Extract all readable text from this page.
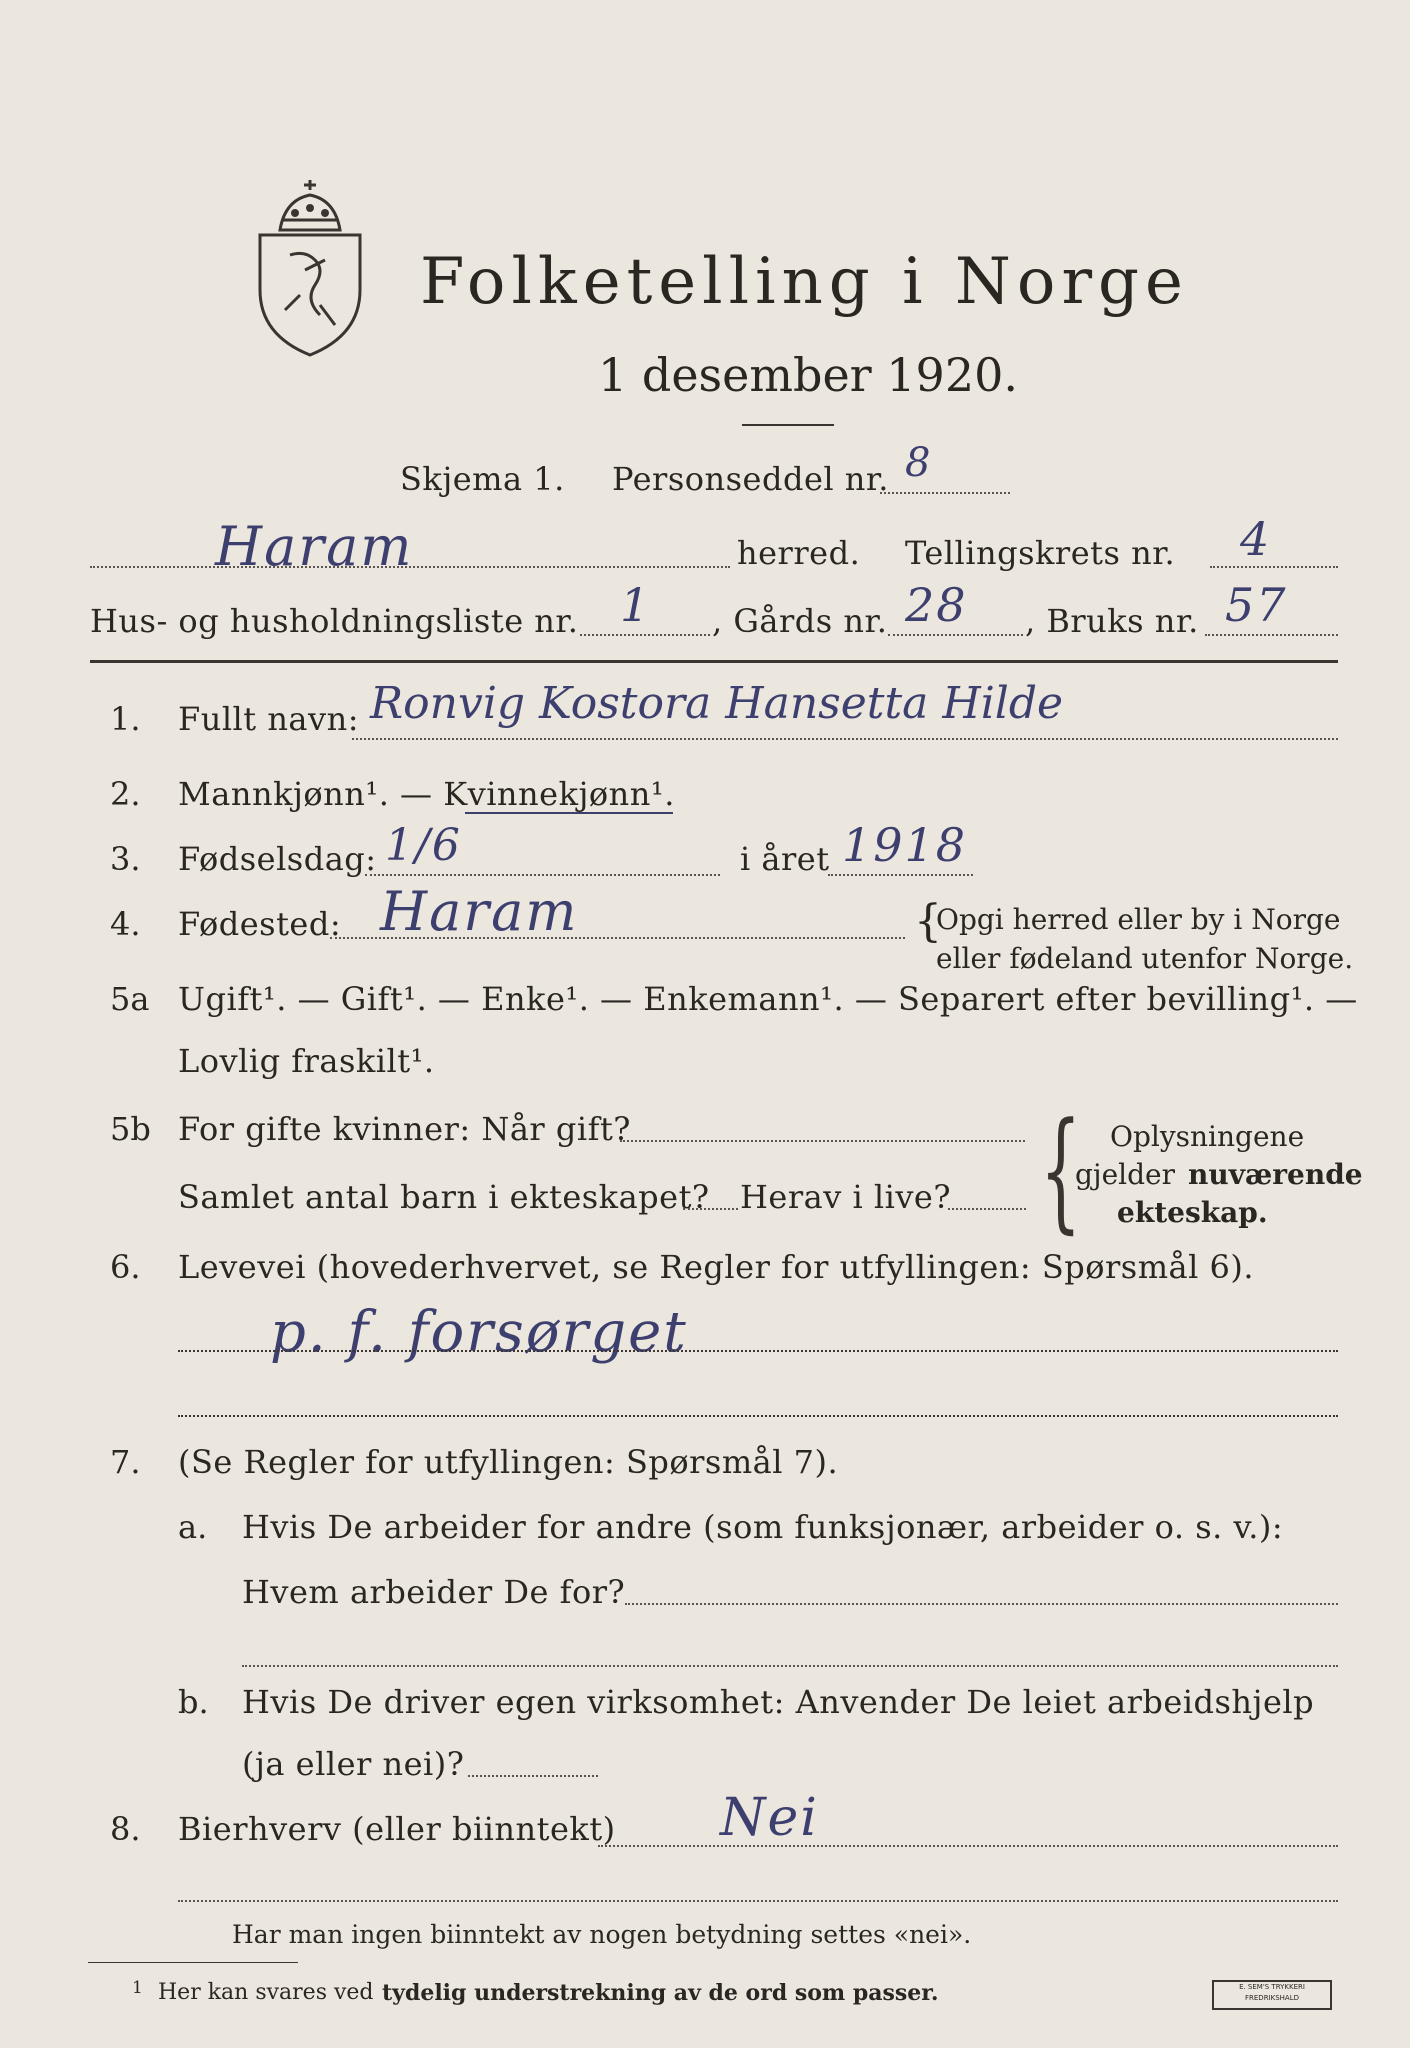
Folketelling i Norge
1 desember 1920.
Skjema 1. Personseddel nr. 8
Haram	herred. Tellingskrets nr. 4
Hus- og husholdningsliste nr. 1 , Gårds nr. 28 , Bruks nr. 57
1. Fullt navn: Ronvig Kostora Hansetta Hilde
2. Mannkjønn¹. — Kvinnekjønn¹.
3. Fødselsdag: 1/6	i året 1918
4. Fødested: Haram	{
Opgi herred eller by i Norge
eller fødeland utenfor Norge.
5a Ugift¹. — Gift¹. — Enke¹. — Enkemann¹. — Separert efter bevilling¹. —
Lovlig fraskilt¹.
5b For gifte kvinner: Når gift?
Samlet antal barn i ekteskapet? Herav i live? { Oplysningene
gjelder nuværende
ekteskap.
6. Levevei (hovederhvervet, se Regler for utfyllingen: Spørsmål 6).
p. f. forsørget
7. (Se Regler for utfyllingen: Spørsmål 7).
a. Hvis De arbeider for andre (som funksjonær, arbeider o. s. v.):
Hvem arbeider De for?
b. Hvis De driver egen virksomhet: Anvender De leiet arbeidshjelp
(ja eller nei)?
8. Bierhverv (eller biinntekt) Nei
Har man ingen biinntekt av nogen betydning settes «nei».
1 Her kan svares ved tydelig understrekning av de ord som passer.	E. SEM'S TRYKKERI FREDRIKSHALD
